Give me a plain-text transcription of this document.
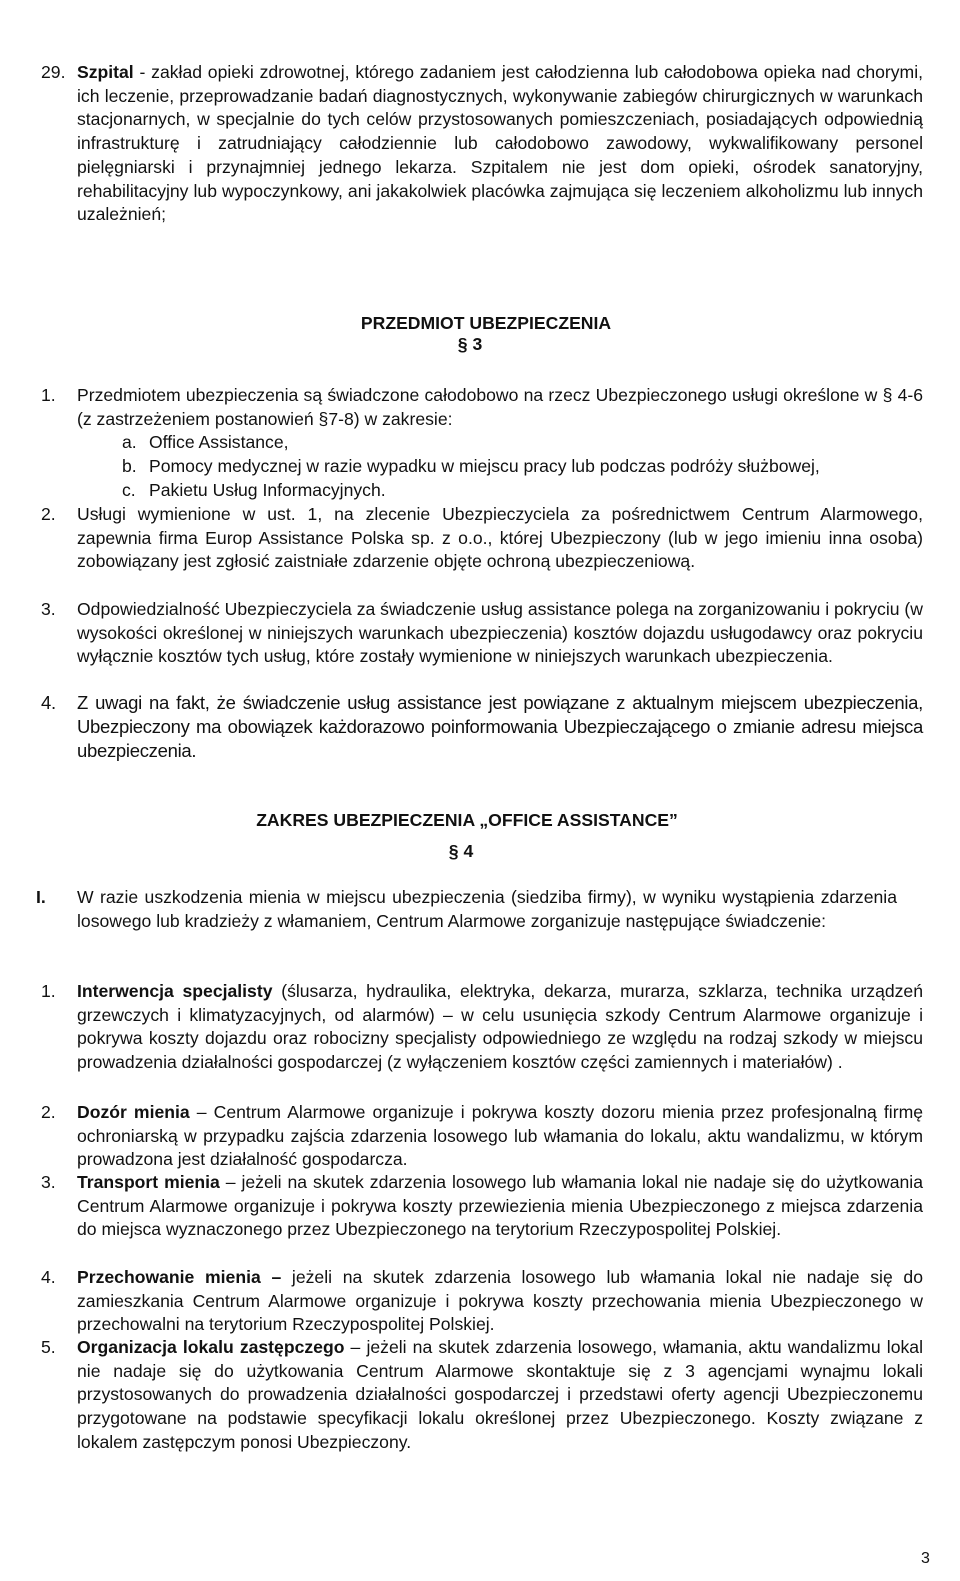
29. Szpital - zakład opieki zdrowotnej, którego zadaniem jest całodzienna lub całodobowa opieka nad chorymi, ich leczenie, przeprowadzanie badań diagnostycznych, wykonywanie zabiegów chirurgicznych w warunkach stacjonarnych, w specjalnie do tych celów przystosowanych pomieszczeniach, posiadających odpowiednią infrastrukturę i zatrudniający całodziennie lub całodobowo zawodowy, wykwalifikowany personel pielęgniarski i przynajmniej jednego lekarza. Szpitalem nie jest dom opieki, ośrodek sanatoryjny, rehabilitacyjny lub wypoczynkowy, ani jakakolwiek placówka zajmująca się leczeniem alkoholizmu lub innych uzależnień;

PRZEDMIOT UBEZPIECZENIA
§ 3
1. Przedmiotem ubezpieczenia są świadczone całodobowo na rzecz Ubezpieczonego usługi określone w § 4-6 (z zastrzeżeniem postanowień §7-8) w zakresie:

a. Office Assistance,
b. Pomocy medycznej w razie wypadku w miejscu pracy lub podczas podróży służbowej,
c. Pakietu Usług Informacyjnych.
2. Usługi wymienione w ust. 1, na zlecenie Ubezpieczyciela za pośrednictwem Centrum Alarmowego, zapewnia firma Europ Assistance Polska sp. z o.o., której Ubezpieczony (lub w jego imieniu inna osoba) zobowiązany jest zgłosić zaistniałe zdarzenie objęte ochroną ubezpieczeniową.

3. Odpowiedzialność Ubezpieczyciela za świadczenie usług assistance polega na zorganizowaniu i pokryciu (w wysokości określonej w niniejszych warunkach ubezpieczenia) kosztów dojazdu usługodawcy oraz pokryciu wyłącznie kosztów tych usług, które zostały wymienione w niniejszych warunkach ubezpieczenia.

4. Z uwagi na fakt, że świadczenie usług assistance jest powiązane z aktualnym miejscem ubezpieczenia, Ubezpieczony ma obowiązek każdorazowo poinformowania Ubezpieczającego o zmianie adresu miejsca ubezpieczenia.

ZAKRES UBEZPIECZENIA „OFFICE ASSISTANCE”
§ 4
I. W razie uszkodzenia mienia w miejscu ubezpieczenia (siedziba firmy), w wyniku wystąpienia zdarzenia losowego lub kradzieży z włamaniem, Centrum Alarmowe zorganizuje następujące świadczenie:

1. Interwencja specjalisty (ślusarza, hydraulika, elektryka, dekarza, murarza, szklarza, technika urządzeń grzewczych i klimatyzacyjnych, od alarmów) – w celu usunięcia szkody Centrum Alarmowe organizuje i pokrywa koszty dojazdu oraz robocizny specjalisty odpowiedniego ze względu na rodzaj szkody w miejscu prowadzenia działalności gospodarczej (z wyłączeniem kosztów części zamiennych i materiałów) .

2. Dozór mienia – Centrum Alarmowe organizuje i pokrywa koszty dozoru mienia przez profesjonalną firmę ochroniarską w przypadku zajścia zdarzenia losowego lub włamania do lokalu, aktu wandalizmu, w którym prowadzona jest działalność gospodarcza.

3. Transport mienia – jeżeli na skutek zdarzenia losowego lub włamania lokal nie nadaje się do użytkowania Centrum Alarmowe organizuje i pokrywa koszty przewiezienia mienia Ubezpieczonego z miejsca zdarzenia do miejsca wyznaczonego przez Ubezpieczonego na terytorium Rzeczypospolitej Polskiej.

4. Przechowanie mienia – jeżeli na skutek zdarzenia losowego lub włamania lokal nie nadaje się do zamieszkania Centrum Alarmowe organizuje i pokrywa koszty przechowania mienia Ubezpieczonego w przechowalni na terytorium Rzeczypospolitej Polskiej.

5. Organizacja lokalu zastępczego – jeżeli na skutek zdarzenia losowego, włamania, aktu wandalizmu lokal nie nadaje się do użytkowania Centrum Alarmowe skontaktuje się z 3 agencjami wynajmu lokali przystosowanych do prowadzenia działalności gospodarczej i przedstawi oferty agencji Ubezpieczonemu przygotowane na podstawie specyfikacji lokalu określonej przez Ubezpieczonego. Koszty związane z lokalem zastępczym ponosi Ubezpieczony.

3
